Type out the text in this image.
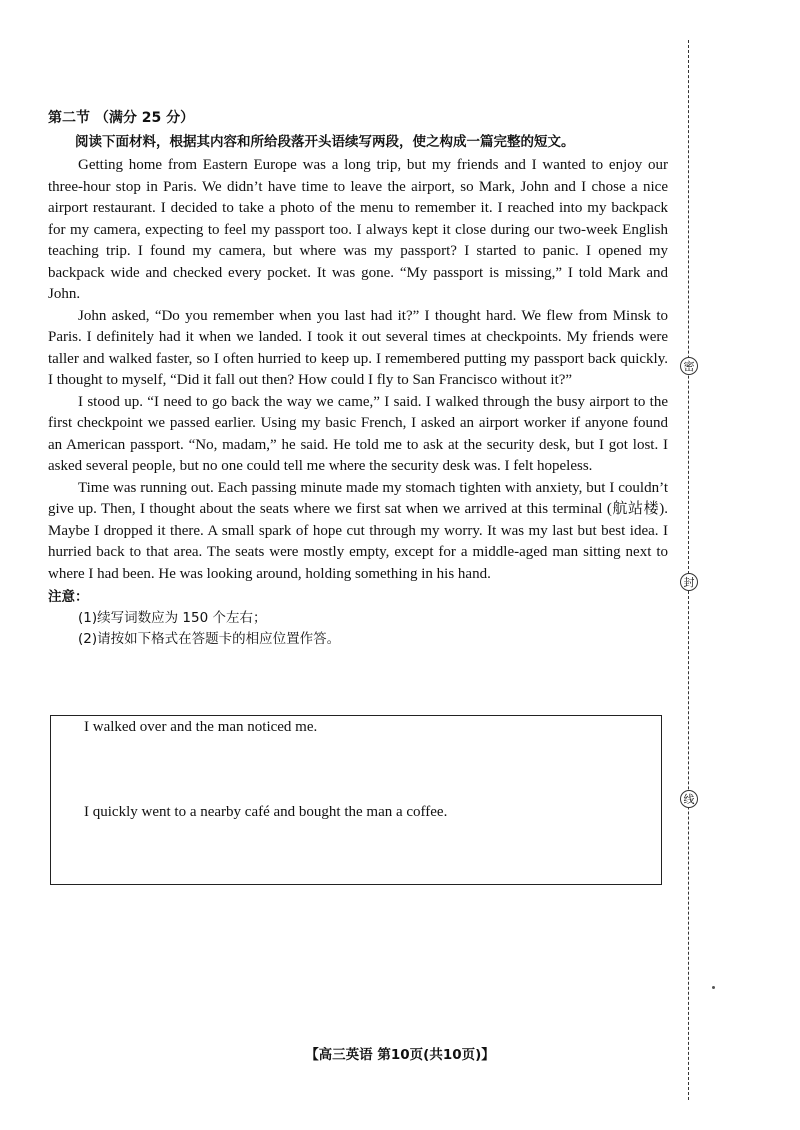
密
封
线

第二节 （满分 25 分）

阅读下面材料，根据其内容和所给段落开头语续写两段，使之构成一篇完整的短文。

Getting home from Eastern Europe was a long trip, but my friends and I wanted to enjoy our three-hour stop in Paris. We didn’t have time to leave the airport, so Mark, John and I chose a nice airport restaurant. I decided to take a photo of the menu to remember it. I reached into my backpack for my camera, expecting to feel my passport too. I always kept it close during our two-week English teaching trip. I found my camera, but where was my passport? I started to panic. I opened my backpack wide and checked every pocket. It was gone. “My passport is missing,” I told Mark and John.

John asked, “Do you remember when you last had it?” I thought hard. We flew from Minsk to Paris. I definitely had it when we landed. I took it out several times at checkpoints. My friends were taller and walked faster, so I often hurried to keep up. I remembered putting my passport back quickly. I thought to myself, “Did it fall out then? How could I fly to San Francisco without it?”

I stood up. “I need to go back the way we came,” I said. I walked through the busy airport to the first checkpoint we passed earlier. Using my basic French, I asked an airport worker if anyone found an American passport. “No, madam,” he said. He told me to ask at the security desk, but I got lost. I asked several people, but no one could tell me where the security desk was. I felt hopeless.

Time was running out. Each passing minute made my stomach tighten with anxiety, but I couldn’t give up. Then, I thought about the seats where we first sat when we arrived at this terminal (航站楼). Maybe I dropped it there. A small spark of hope cut through my worry. It was my last but best idea. I hurried back to that area. The seats were mostly empty, except for a middle-aged man sitting next to where I had been. He was looking around, holding something in his hand.

注意：

(1)续写词数应为 150 个左右；

(2)请按如下格式在答题卡的相应位置作答。

I walked over and the man noticed me.
I quickly went to a nearby café and bought the man a coffee.
【高三英语 第10页(共10页)】
